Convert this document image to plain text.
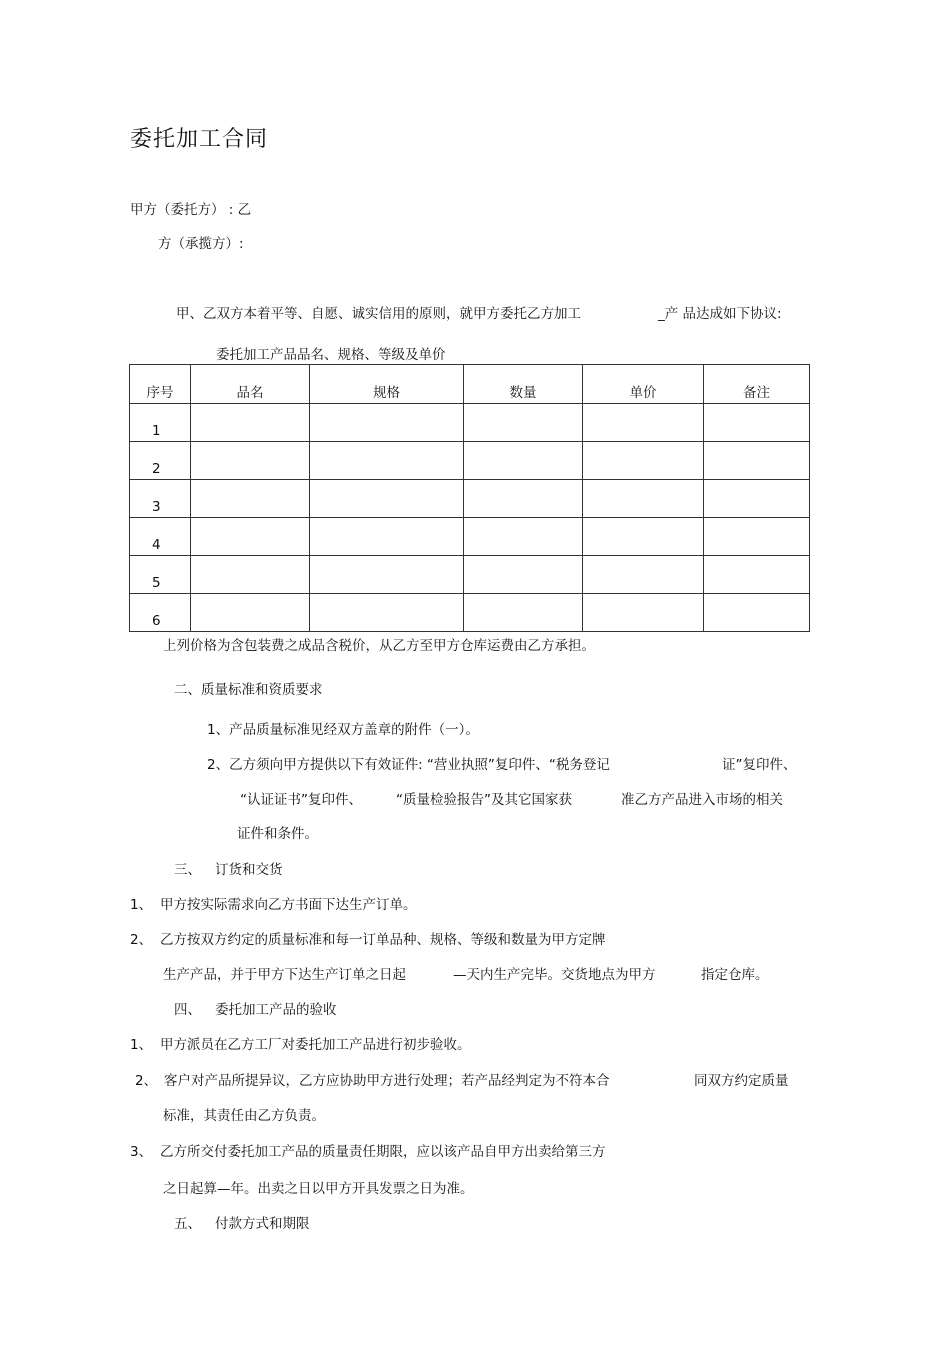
委托加工合同
甲方（委托方） : 乙
方（承揽方）:
甲、乙双方本着平等、自愿、诚实信用的原则，就甲方委托乙方加工	_产 品达成如下协议:
委托加工产品品名、规格、等级及单价
序号	品名	规格	数量	单价	备注
1					
2					
3					
4					
5					
6					
上列价格为含包装费之成品含税价，从乙方至甲方仓库运费由乙方承担。
二、质量标准和资质要求
1、产品质量标准见经双方盖章的附件（一）。
2、乙方须向甲方提供以下有效证件: “营业执照”复印件、“税务登记	证”复印件、
“认证证书”复印件、	“质量检验报告”及其它国家获	准乙方产品进入市场的相关
证件和条件。
三、 订货和交货
1、 甲方按实际需求向乙方书面下达生产订单。
2、 乙方按双方约定的质量标准和每一订单品种、规格、等级和数量为甲方定牌
生产产品，并于甲方下达生产订单之日起	—天内生产完毕。交货地点为甲方	指定仓库。
四、 委托加工产品的验收
1、 甲方派员在乙方工厂对委托加工产品进行初步验收。
2、 客户对产品所提异议，乙方应协助甲方进行处理；若产品经判定为不符本合	同双方约定质量
标准，其责任由乙方负责。
3、 乙方所交付委托加工产品的质量责任期限，应以该产品自甲方出卖给第三方
之日起算—年。出卖之日以甲方开具发票之日为准。
五、 付款方式和期限
